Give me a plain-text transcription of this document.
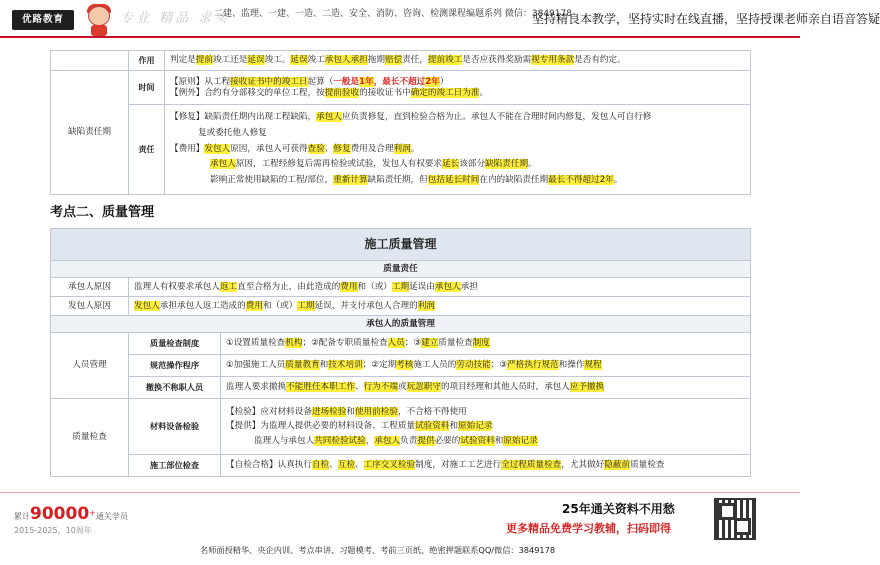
优路教育	专业 精品 求实
二建、监理、一建、一造、二造、安全、消防、咨询、检测课程编题系列 微信：3849178
坚持精良本教学，坚持实时在线直播，坚持授课老师亲自语音答疑
	作用	判定是提前竣工还是延误竣工。延误竣工承包人承担拖期赔偿责任，提前竣工是否应获得奖励需视专用条款是否有约定。
缺陷责任期	时间	【原则】从工程接收证书中的竣工日起算（一般是1年，最长不超过2年）
【例外】合约有分部移交的单位工程，按提前验收的接收证书中确定的竣工日为准。

	责任	【修复】缺陷责任期内出现工程缺陷，承包人应负责修复，直到检验合格为止。承包人不能在合理时间内修复，发包人可自行修
复或委托他人修复
【费用】发包人原因，承包人可获得查验、修复费用及合理利润。
承包人原因，工程经修复后需再检验或试验，发包人有权要求延长该部分缺陷责任期。
影响正常使用缺陷的工程/部位，重新计算缺陷责任期，但包括延长时间在内的缺陷责任期最长不得超过2年。
考点二、质量管理
施工质量管理		
质量责任		
承包人原因	监理人有权要求承包人返工直至合格为止，由此造成的费用和（或）工期延误由承包人承担	
发包人原因	发包人承担承包人返工造成的费用和（或）工期延误，并支付承包人合理的利润	
承包人的质量管理		
人员管理	质量检查制度	①设置质量检查机构；②配备专职质量检查人员；③建立质量检查制度
	规范操作程序	①加强施工人员质量教育和技术培训；②定期考核施工人员的劳动技能；③严格执行规范和操作规程
	撤换不称职人员	监理人要求撤换不能胜任本职工作、行为不端或玩忽职守的项目经理和其他人员时，承包人应予撤换
质量检查	材料设备检验	【检验】应对材料设备进场检验和使用前检验，不合格不得使用
【提供】为监理人提供必要的材料设备、工程质量试验资料和原始记录
监理人与承包人共同检验试验，承包人负责提供必要的试验资料和原始记录

	施工部位检查	【自检合格】认真执行自检、互检、工序交叉检验制度，对施工工艺进行全过程质量检查，尤其做好隐蔽前质量检查
累计90000+通关学员
2015-2025，10周年
25年通关资料不用愁
更多精品免费学习教辅，扫码即得
名师面授精华、央企内训、考点串讲、习题模考、考前三页纸、绝密押题联系QQ/微信：3849178
